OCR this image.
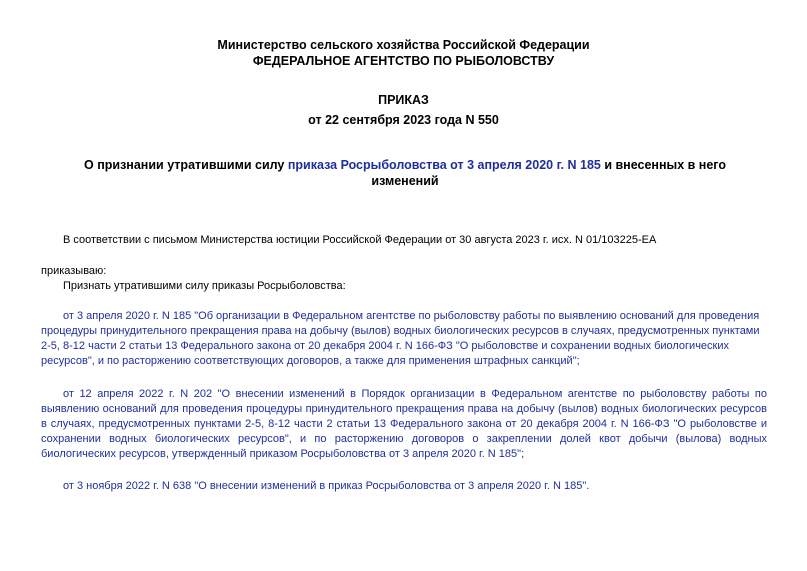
Министерство сельского хозяйства Российской Федерации
ФЕДЕРАЛЬНОЕ АГЕНТСТВО ПО РЫБОЛОВСТВУ
ПРИКАЗ
от 22 сентября 2023 года N 550
О признании утратившими силу приказа Росрыболовства от 3 апреля 2020 г. N 185 и внесенных в него изменений
В соответствии с письмом Министерства юстиции Российской Федерации от 30 августа 2023 г. исх. N 01/103225-ЕА
приказываю:
Признать утратившими силу приказы Росрыболовства:
от 3 апреля 2020 г. N 185 "Об организации в Федеральном агентстве по рыболовству работы по выявлению оснований для проведения процедуры принудительного прекращения права на добычу (вылов) водных биологических ресурсов в случаях, предусмотренных пунктами 2-5, 8-12 части 2 статьи 13 Федерального закона от 20 декабря 2004 г. N 166-ФЗ "О рыболовстве и сохранении водных биологических ресурсов", и по расторжению соответствующих договоров, а также для применения штрафных санкций";
от 12 апреля 2022 г. N 202 "О внесении изменений в Порядок организации в Федеральном агентстве по рыболовству работы по выявлению оснований для проведения процедуры принудительного прекращения права на добычу (вылов) водных биологических ресурсов в случаях, предусмотренных пунктами 2-5, 8-12 части 2 статьи 13 Федерального закона от 20 декабря 2004 г. N 166-ФЗ "О рыболовстве и сохранении водных биологических ресурсов", и по расторжению договоров о закреплении долей квот добычи (вылова) водных биологических ресурсов, утвержденный приказом Росрыболовства от 3 апреля 2020 г. N 185";
от 3 ноября 2022 г. N 638 "О внесении изменений в приказ Росрыболовства от 3 апреля 2020 г. N 185".
